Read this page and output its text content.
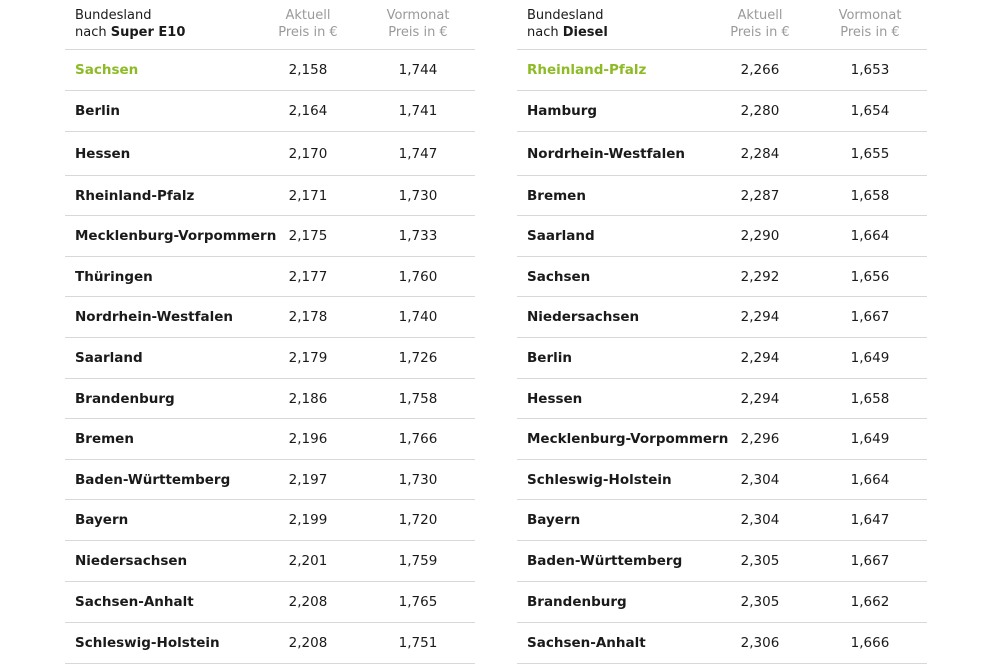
Bundesland
nach Super E10
Aktuell
Preis in €
Vormonat
Preis in €
Sachsen	2,158	1,744
Berlin	2,164	1,741
Hessen	2,170	1,747
Rheinland-Pfalz	2,171	1,730
Mecklenburg-Vorpommern 2,175	1,733
Thüringen	2,177	1,760
Nordrhein-Westfalen	2,178	1,740
Saarland	2,179	1,726
Brandenburg	2,186	1,758
Bremen	2,196	1,766
Baden-Württemberg	2,197	1,730
Bayern	2,199	1,720
Niedersachsen	2,201	1,759
Sachsen-Anhalt	2,208	1,765
Schleswig-Holstein	2,208	1,751
Bundesland
nach Diesel
Aktuell
Preis in €
Vormonat
Preis in €
Rheinland-Pfalz	2,266	1,653
Hamburg	2,280	1,654
Nordrhein-Westfalen	2,284	1,655
Bremen	2,287	1,658
Saarland	2,290	1,664
Sachsen	2,292	1,656
Niedersachsen	2,294	1,667
Berlin	2,294	1,649
Hessen	2,294	1,658
Mecklenburg-Vorpommern 2,296	1,649
Schleswig-Holstein	2,304	1,664
Bayern	2,304	1,647
Baden-Württemberg	2,305	1,667
Brandenburg	2,305	1,662
Sachsen-Anhalt	2,306	1,666
